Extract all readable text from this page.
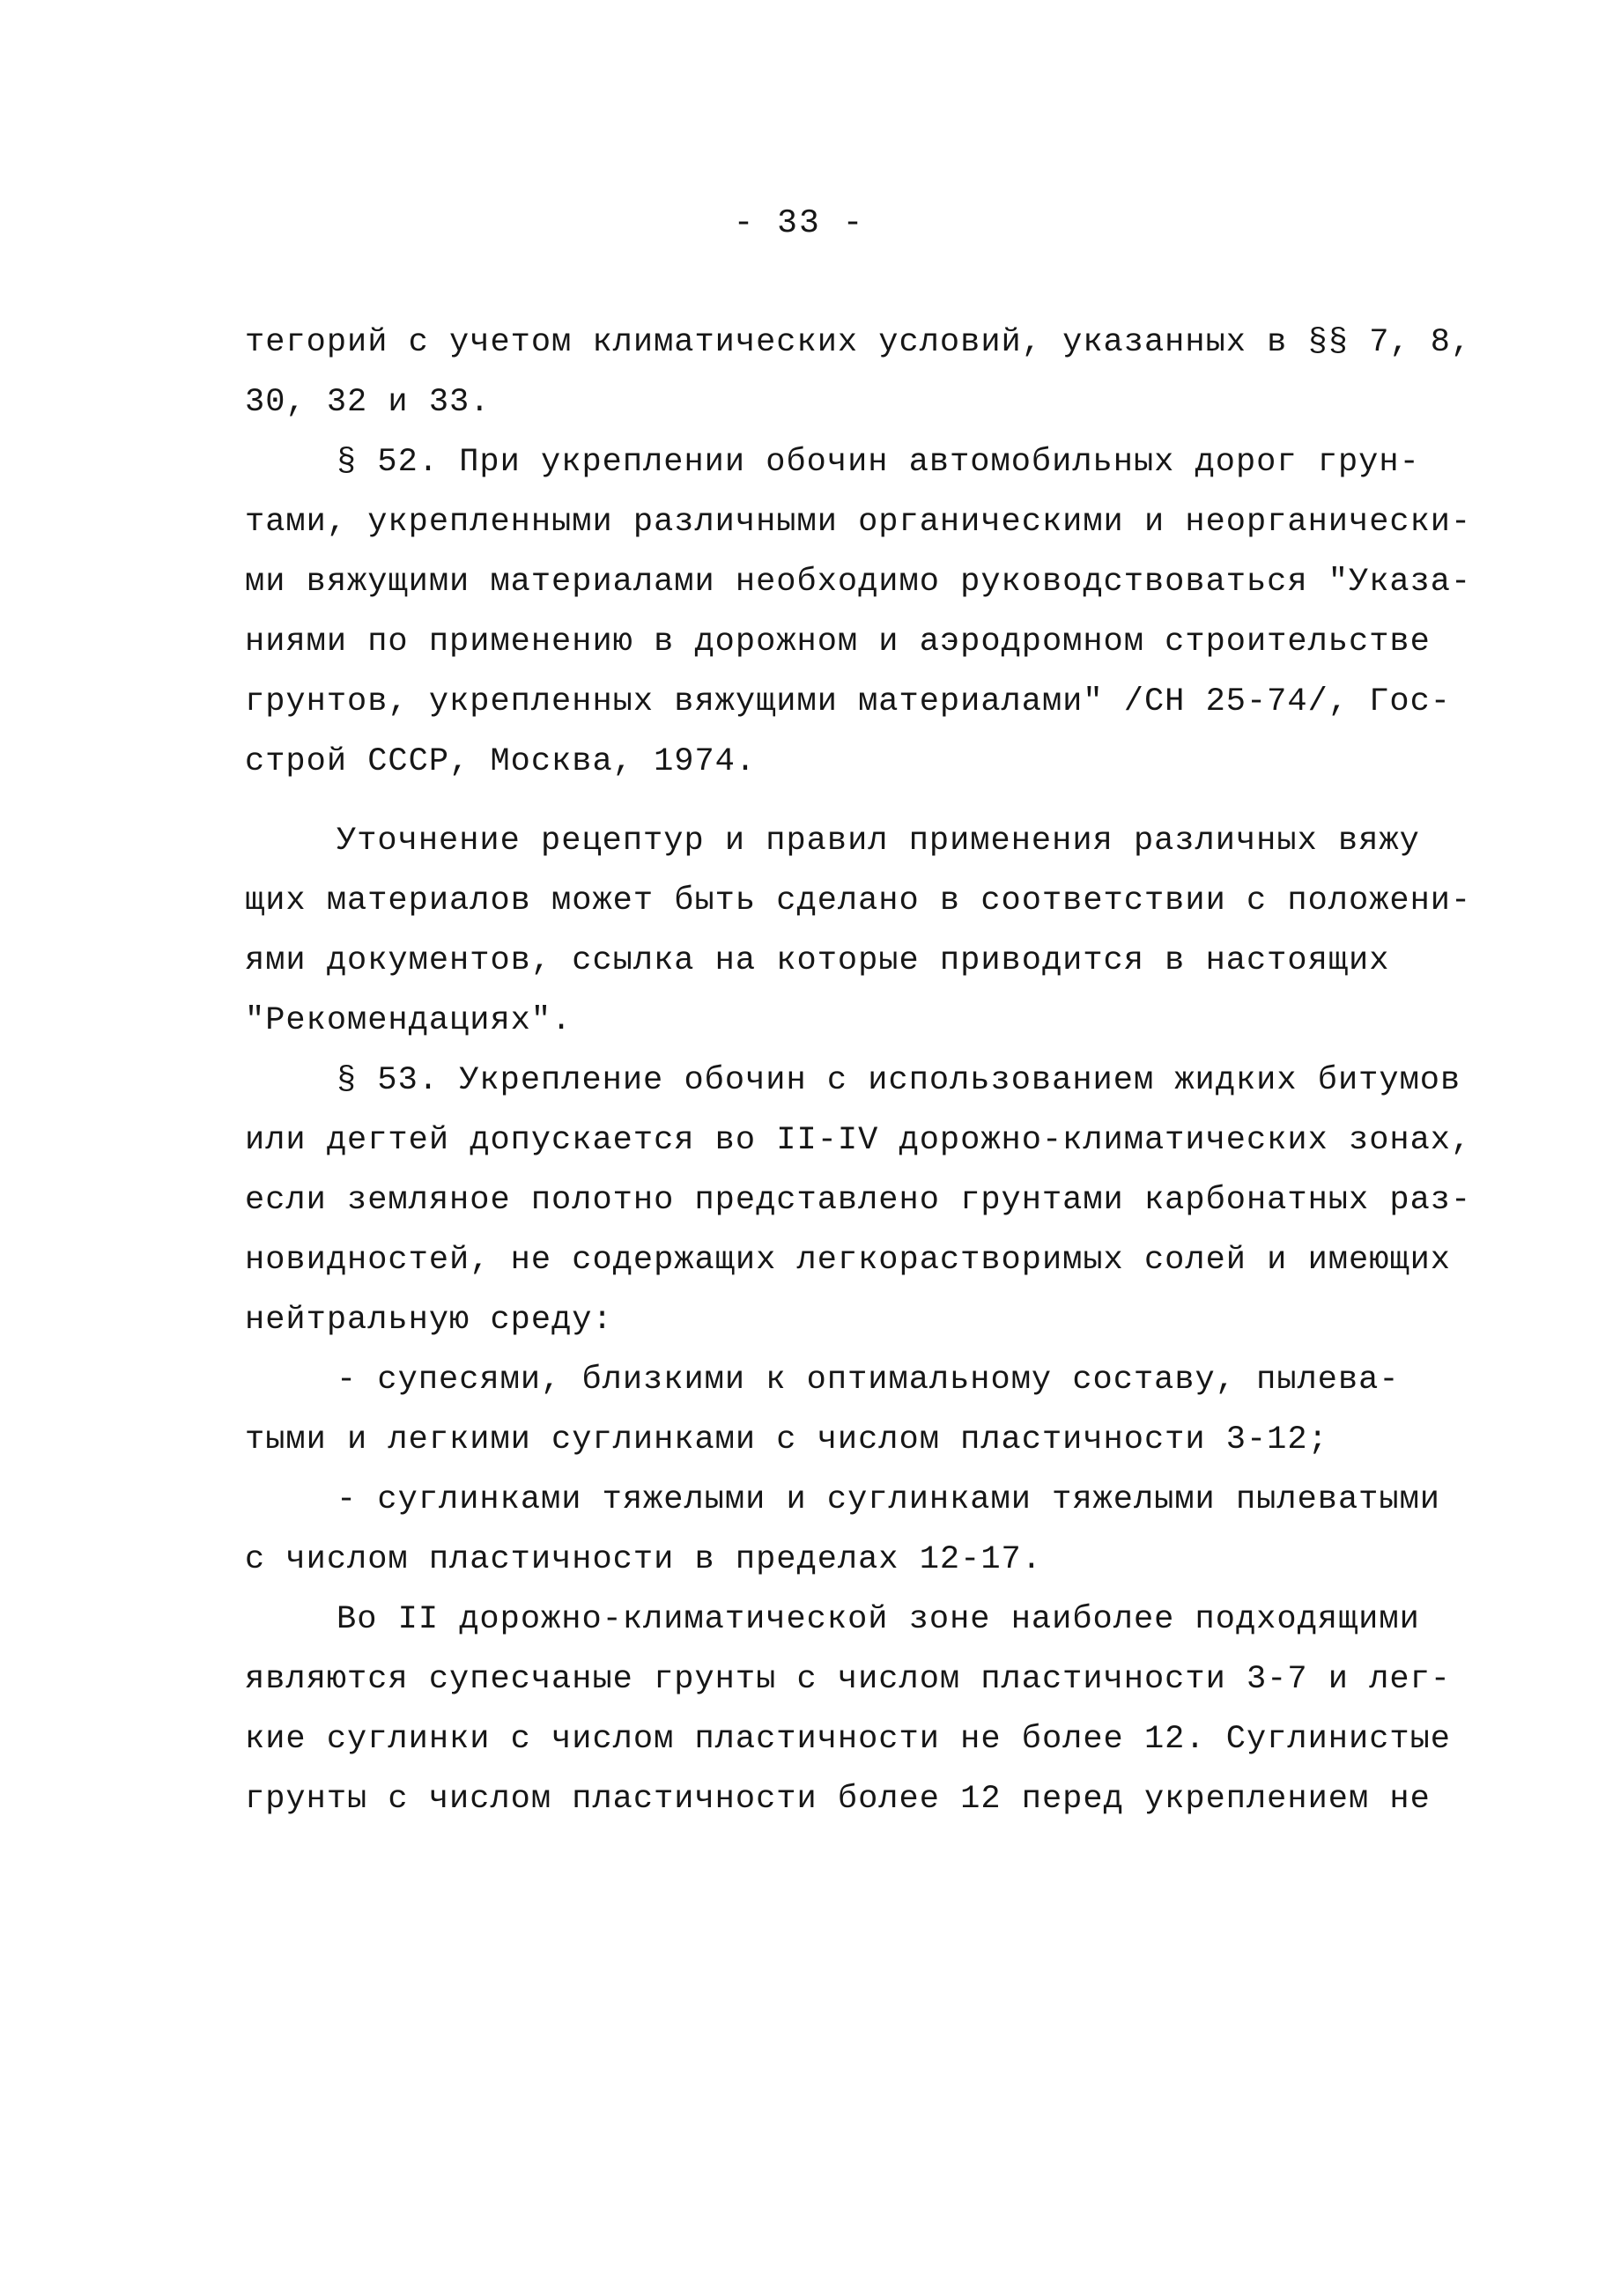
- 33 -
тегорий с учетом климатических условий, указанных в §§ 7, 8,
30, 32 и 33.
§ 52. При укреплении обочин автомобильных дорог грун-
тами, укрепленными различными органическими и неорганически-
ми вяжущими материалами необходимо руководствоваться "Указа-
ниями по применению в дорожном и аэродромном строительстве
грунтов, укрепленных вяжущими материалами" /СН 25-74/, Гос-
строй СССР, Москва, 1974.
Уточнение рецептур и правил применения различных вяжу
щих материалов может быть сделано в соответствии с положени-
ями документов, ссылка на которые приводится в настоящих
"Рекомендациях".
§ 53. Укрепление обочин с использованием жидких битумов
или дегтей допускается во II-IV дорожно-климатических зонах,
если земляное полотно представлено грунтами карбонатных раз-
новидностей, не содержащих легкорастворимых солей и имеющих
нейтральную среду:
- супесями, близкими к оптимальному составу, пылева-
тыми и легкими суглинками с числом пластичности 3-12;
- суглинками тяжелыми и суглинками тяжелыми пылеватыми
с числом пластичности в пределах 12-17.
Во II дорожно-климатической зоне наиболее подходящими
являются супесчаные грунты с числом пластичности 3-7 и лег-
кие суглинки с числом пластичности не более 12. Суглинистые
грунты с числом пластичности более 12 перед укреплением не
